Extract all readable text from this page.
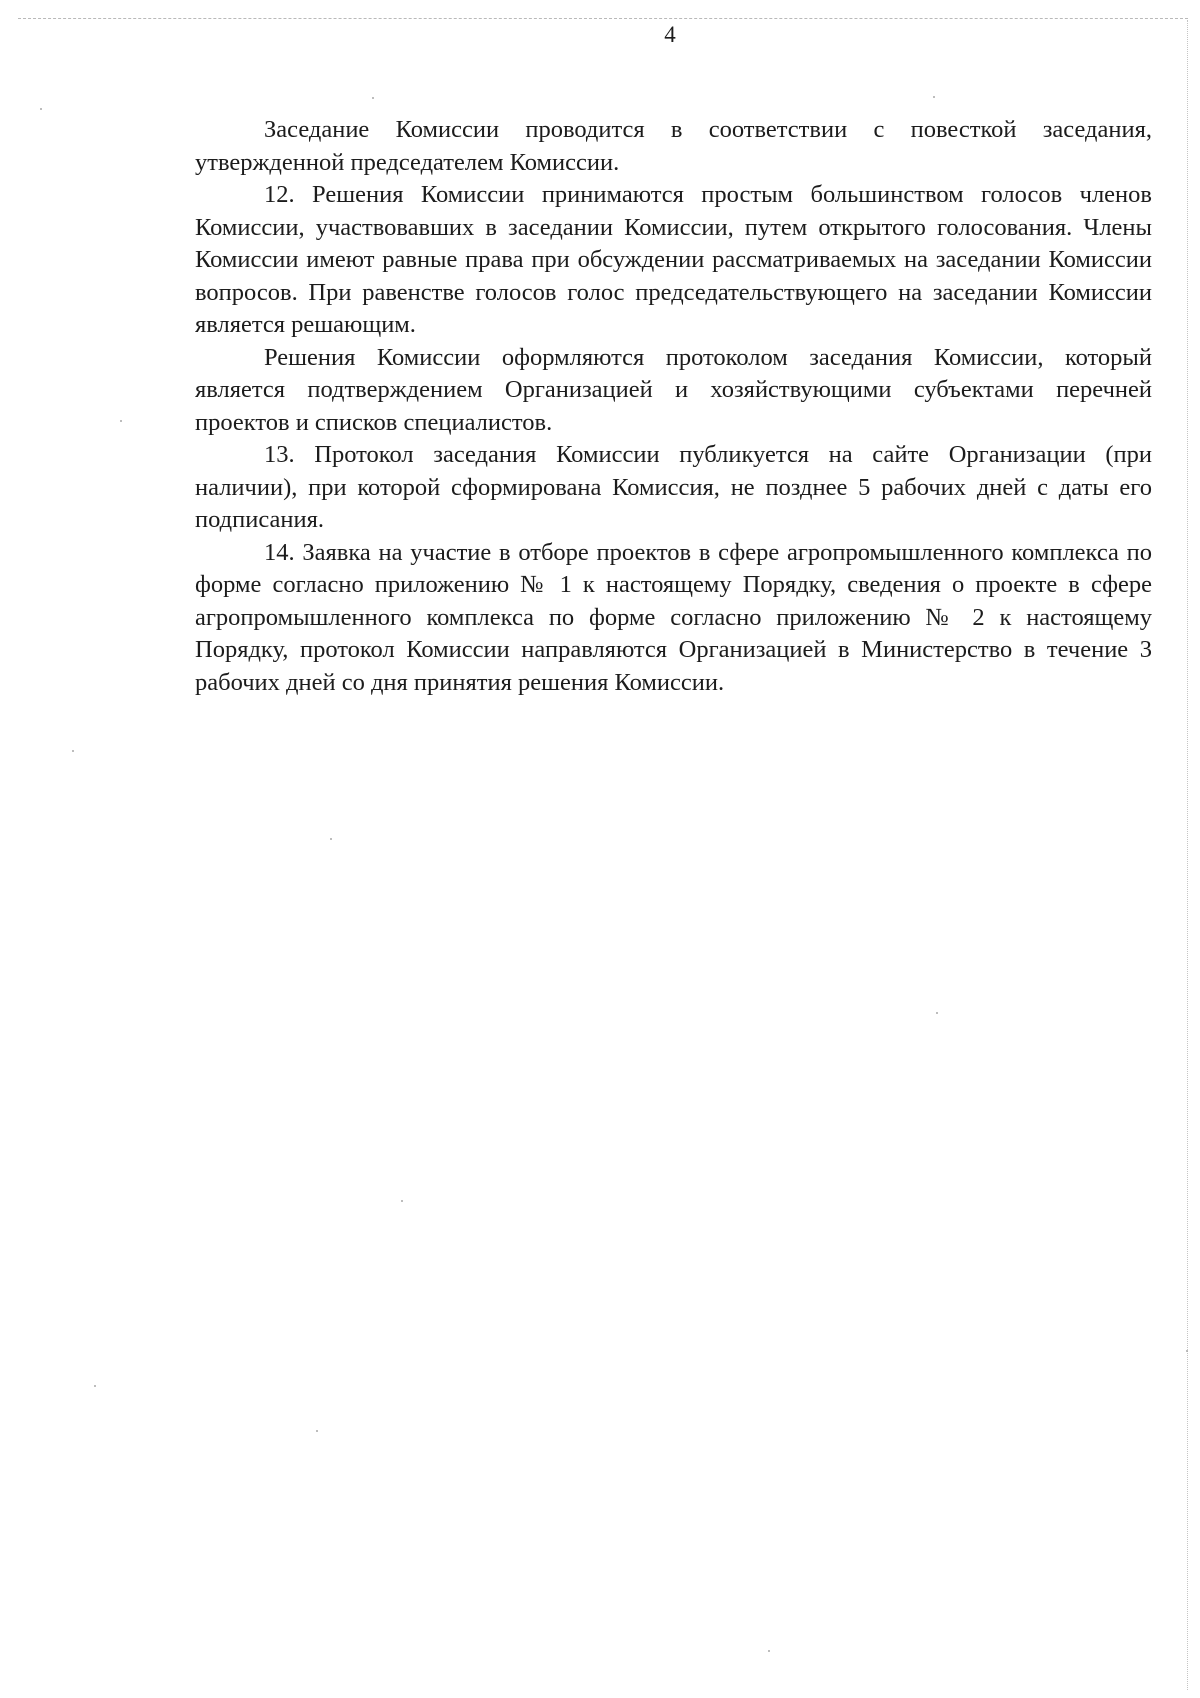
4

Заседание Комиссии проводится в соответствии с повесткой заседания, утвержденной председателем Комиссии.

12. Решения Комиссии принимаются простым большинством голосов членов Комиссии, участвовавших в заседании Комиссии, путем открытого голосования. Члены Комиссии имеют равные права при обсуждении рассматриваемых на заседании Комиссии вопросов. При равенстве голосов голос председательствующего на заседании Комиссии является решающим.

Решения Комиссии оформляются протоколом заседания Комиссии, который является подтверждением Организацией и хозяйствующими субъектами перечней проектов и списков специалистов.

13. Протокол заседания Комиссии публикуется на сайте Организации (при наличии), при которой сформирована Комиссия, не позднее 5 рабочих дней с даты его подписания.

14. Заявка на участие в отборе проектов в сфере агропромышленного комплекса по форме согласно приложению № 1 к настоящему Порядку, сведения о проекте в сфере агропромышленного комплекса по форме согласно приложению № 2 к настоящему Порядку, протокол Комиссии направляются Организацией в Министерство в течение 3 рабочих дней со дня принятия решения Комиссии.
